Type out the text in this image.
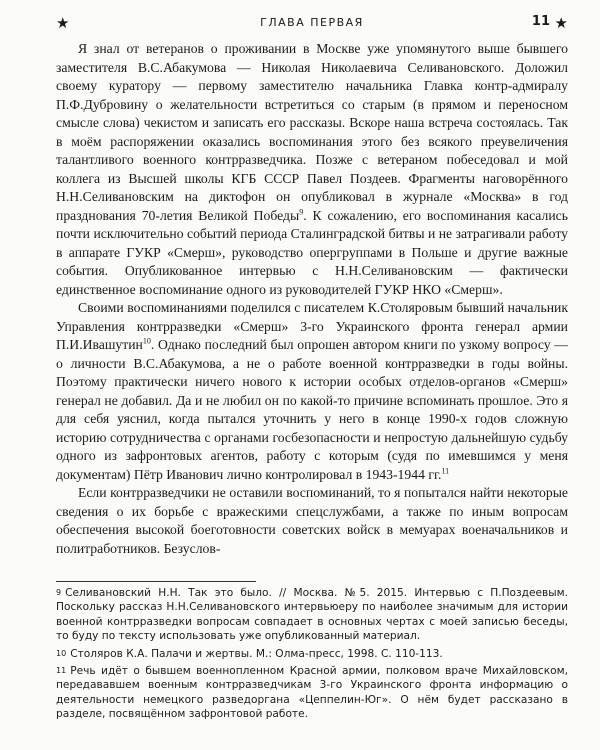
★	ГЛАВА ПЕРВАЯ	11 ★

Я знал от ветеранов о проживании в Москве уже упомянутого выше бывшего заместителя В.С.Абакумова — Николая Николаевича Селивановского. Доложил своему куратору — первому заместителю начальника Главка контр-адмиралу П.Ф.Дубровину о желательности встретиться со старым (в прямом и переносном смысле слова) чекистом и записать его рассказы. Вскоре наша встреча состоялась. Так в моём распоряжении оказались воспоминания этого без всякого преувеличения талантливого военного контрразведчика. Позже с ветераном побеседовал и мой коллега из Высшей школы КГБ СССР Павел Поздеев. Фрагменты наговорённого Н.Н.Селивановским на диктофон он опубликовал в журнале «Москва» в год празднования 70-летия Великой Победы$^9$. К сожалению, его воспоминания касались почти исключительно событий периода Сталинградской битвы и не затрагивали работу в аппарате ГУКР «Смерш», руководство опергруппами в Польше и другие важные события. Опубликованное интервью с Н.Н.Селивановским — фактически единственное воспоминание одного из руководителей ГУКР НКО «Смерш».

Своими воспоминаниями поделился с писателем К.Столяровым бывший начальник Управления контрразведки «Смерш» 3-го Украинского фронта генерал армии П.И.Ивашутин$^{10}$. Однако последний был опрошен автором книги по узкому вопросу — о личности В.С.Абакумова, а не о работе военной контрразведки в годы войны. Поэтому практически ничего нового к истории особых отделов-органов «Смерш» генерал не добавил. Да и не любил он по какой-то причине вспоминать прошлое. Это я для себя уяснил, когда пытался уточнить у него в конце 1990-х годов сложную историю сотрудничества с органами госбезопасности и непростую дальнейшую судьбу одного из зафронтовых агентов, работу с которым (судя по имевшимся у меня документам) Пётр Иванович лично контролировал в 1943-1944 гг.$^{11}$

Если контрразведчики не оставили воспоминаний, то я попытался найти некоторые сведения о их борьбе с вражескими спецслужбами, а также по иным вопросам обеспечения высокой боеготовности советских войск в мемуарах военачальников и политработников. Безуслов-

$^9$ Селивановский Н.Н. Так это было. // Москва. №5. 2015. Интервью с П.Поздеевым. Поскольку рассказ Н.Н.Селивановского интервьюеру по наиболее значимым для истории военной контрразведки вопросам совпадает в основных чертах с моей записью беседы, то буду по тексту использовать уже опубликованный материал.

$^{10}$ Столяров К.А. Палачи и жертвы. М.: Олма-пресс, 1998. С. 110-113.

$^{11}$ Речь идёт о бывшем военнопленном Красной армии, полковом враче Михайловском, передававшем военным контрразведчикам 3-го Украинского фронта информацию о деятельности немецкого разведоргана «Цеппелин-Юг». О нём будет рассказано в разделе, посвящённом зафронтовой работе.
